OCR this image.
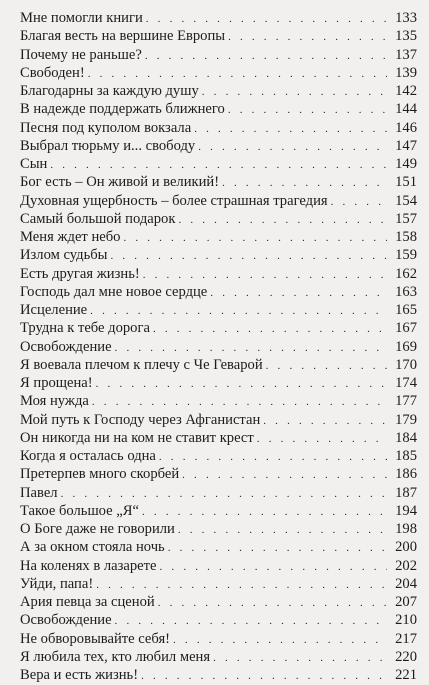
Мне помогли книги . . .	133
Благая весть на вершине Европы . . .	135
Почему не раньше? . . .	137
Свободен! . . .	139
Благодарны за каждую душу . . .	142
В надежде поддержать ближнего . . .	144
Песня под куполом вокзала . . .	146
Выбрал тюрьму и... свободу . . .	147
Сын . . .	149
Бог есть – Он живой и великий! . . .	151
Духовная ущербность – более страшная трагедия . . .	154
Самый большой подарок . . .	157
Меня ждет небо . . .	158
Излом судьбы . . .	159
Есть другая жизнь! . . .	162
Господь дал мне новое сердце . . .	163
Исцеление . . .	165
Трудна к тебе дорога . . .	167
Освобождение . . .	169
Я воевала плечом к плечу с Че Геварой . . .	170
Я прощена! . . .	174
Моя нужда . . .	177
Мой путь к Господу через Афганистан . . .	179
Он никогда ни на ком не ставит крест . . .	184
Когда я осталась одна . . .	185
Претерпев много скорбей . . .	186
Павел . . .	187
Такое большое „Я“ . . .	194
О Боге даже не говорили . . .	198
А за окном стояла ночь . . .	200
На коленях в лазарете . . .	202
Уйди, папа! . . .	204
Ария певца за сценой . . .	207
Освобождение . . .	210
Не обворовывайте себя! . . .	217
Я любила тех, кто любил меня . . .	220
Вера и есть жизнь! . . .	221
